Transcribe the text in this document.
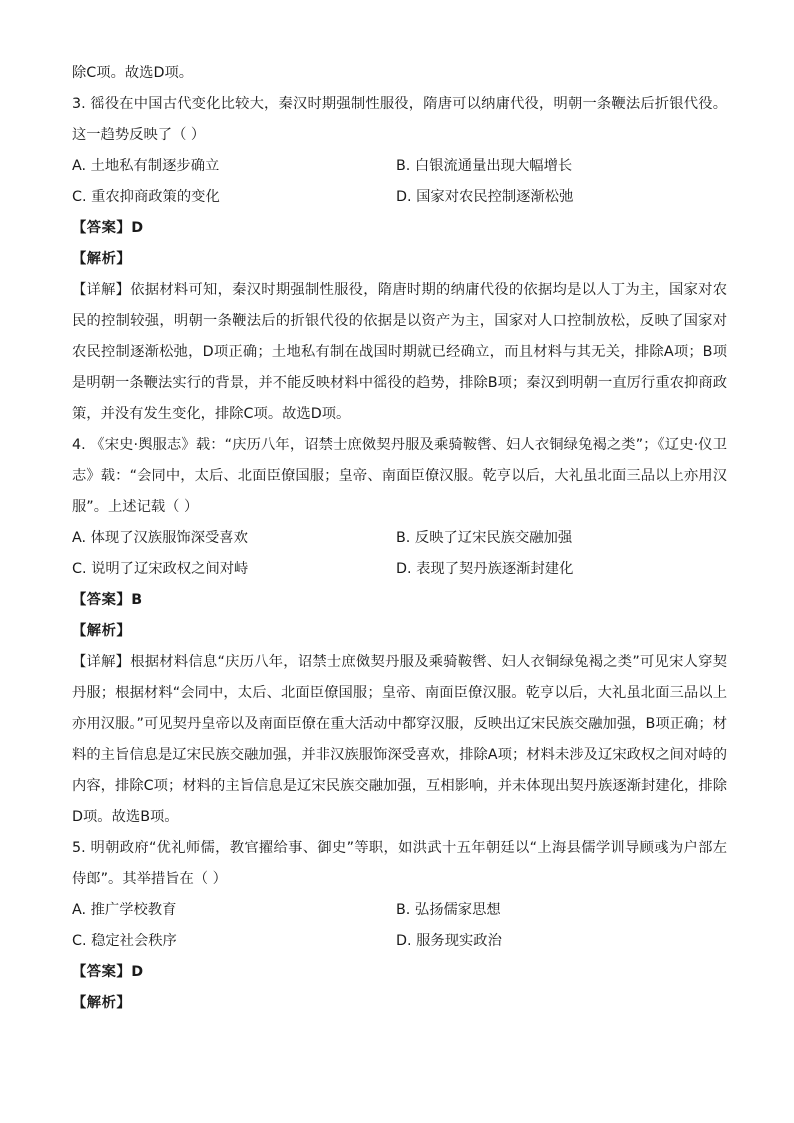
除C项。故选D项。

3. 徭役在中国古代变化比较大，秦汉时期强制性服役，隋唐可以纳庸代役，明朝一条鞭法后折银代役。这一趋势反映了（ ）

A. 土地私有制逐步确立	B. 白银流通量出现大幅增长

C. 重农抑商政策的变化	D. 国家对农民控制逐渐松弛

【答案】D

【解析】

【详解】依据材料可知，秦汉时期强制性服役，隋唐时期的纳庸代役的依据均是以人丁为主，国家对农民的控制较强，明朝一条鞭法后的折银代役的依据是以资产为主，国家对人口控制放松，反映了国家对农民控制逐渐松弛，D项正确；土地私有制在战国时期就已经确立，而且材料与其无关，排除A项；B项是明朝一条鞭法实行的背景，并不能反映材料中徭役的趋势，排除B项；秦汉到明朝一直厉行重农抑商政策，并没有发生变化，排除C项。故选D项。

4. 《宋史·舆服志》载：“庆历八年，诏禁士庶傚契丹服及乘骑鞍辔、妇人衣铜绿兔褐之类”；《辽史·仪卫志》载：“会同中，太后、北面臣僚国服；皇帝、南面臣僚汉服。乾亨以后，大礼虽北面三品以上亦用汉服”。上述记载（ ）

A. 体现了汉族服饰深受喜欢	B. 反映了辽宋民族交融加强

C. 说明了辽宋政权之间对峙	D. 表现了契丹族逐渐封建化

【答案】B

【解析】

【详解】根据材料信息“庆历八年，诏禁士庶傚契丹服及乘骑鞍辔、妇人衣铜绿兔褐之类”可见宋人穿契丹服；根据材料“会同中，太后、北面臣僚国服；皇帝、南面臣僚汉服。乾亨以后，大礼虽北面三品以上亦用汉服。”可见契丹皇帝以及南面臣僚在重大活动中都穿汉服，反映出辽宋民族交融加强，B项正确；材料的主旨信息是辽宋民族交融加强，并非汉族服饰深受喜欢，排除A项；材料未涉及辽宋政权之间对峙的内容，排除C项；材料的主旨信息是辽宋民族交融加强，互相影响，并未体现出契丹族逐渐封建化，排除D项。故选B项。

5. 明朝政府“优礼师儒，教官擢给事、御史”等职，如洪武十五年朝廷以“上海县儒学训导顾彧为户部左侍郎”。其举措旨在（ ）

A. 推广学校教育	B. 弘扬儒家思想

C. 稳定社会秩序	D. 服务现实政治

【答案】D

【解析】
